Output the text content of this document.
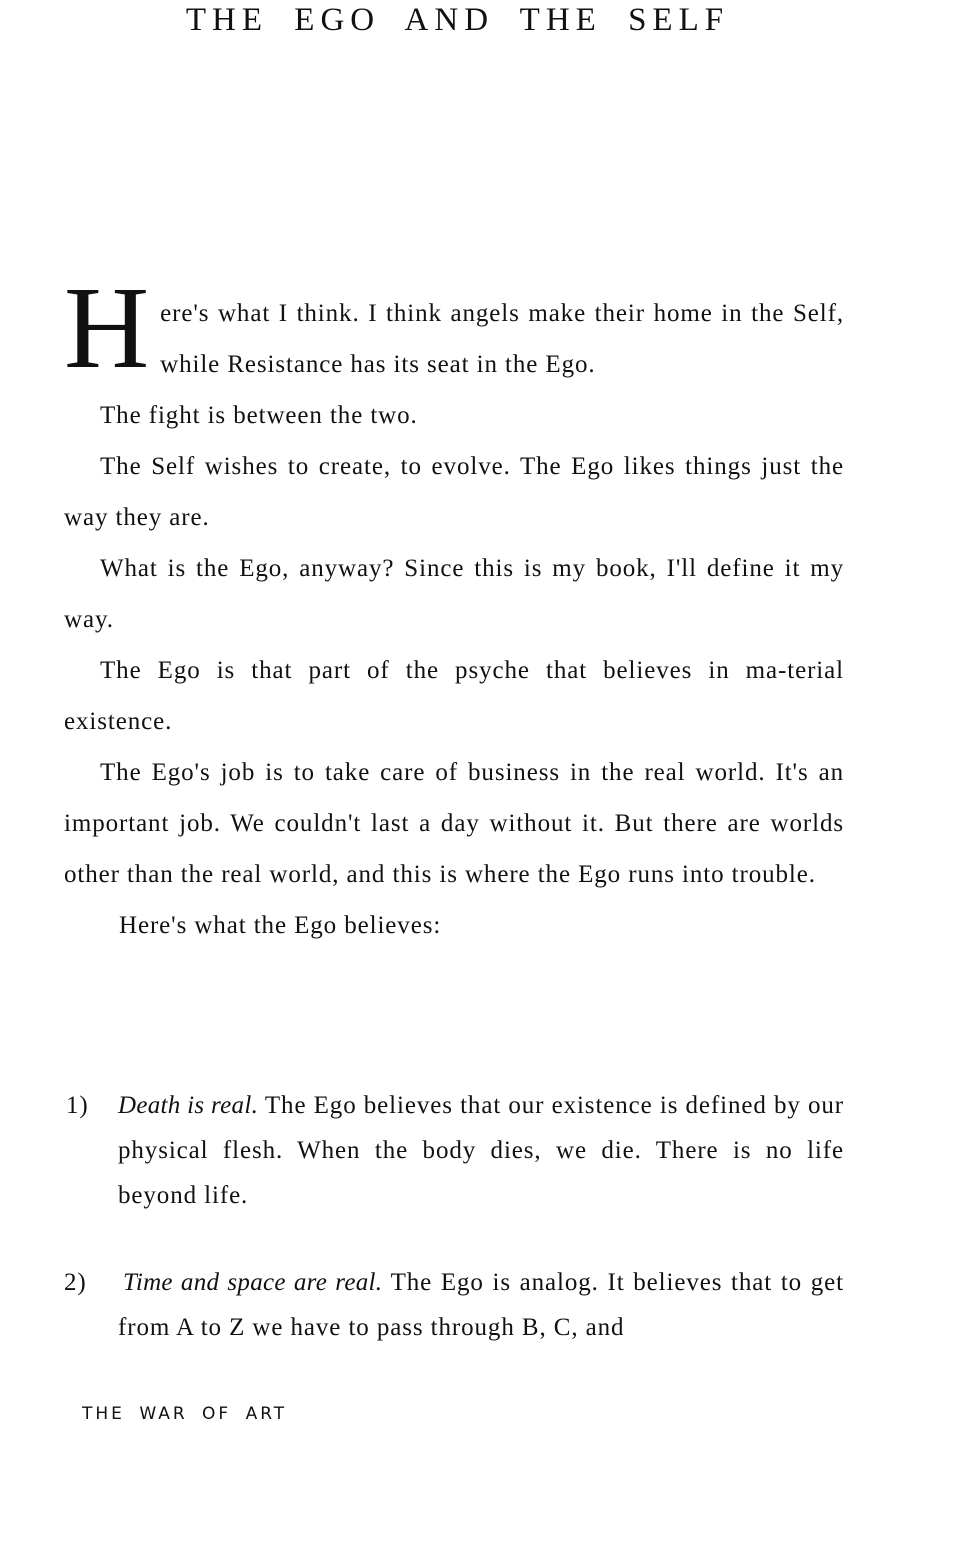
THE EGO AND THE SELF

Here's what I think. I think angels make their home in the Self, while Resistance has its seat in the Ego.

The fight is between the two.

The Self wishes to create, to evolve. The Ego likes things just the way they are.

What is the Ego, anyway? Since this is my book, I'll define it my way.

The Ego is that part of the psyche that believes in ma-terial existence.

The Ego's job is to take care of business in the real world. It's an important job. We couldn't last a day without it. But there are worlds other than the real world, and this is where the Ego runs into trouble.

Here's what the Ego believes:

1) Death is real. The Ego believes that our existence is defined by our physical flesh. When the body dies, we die. There is no life beyond life.
2) Time and space are real. The Ego is analog. It believes that to get from A to Z we have to pass through B, C, and
THE WAR OF ART
